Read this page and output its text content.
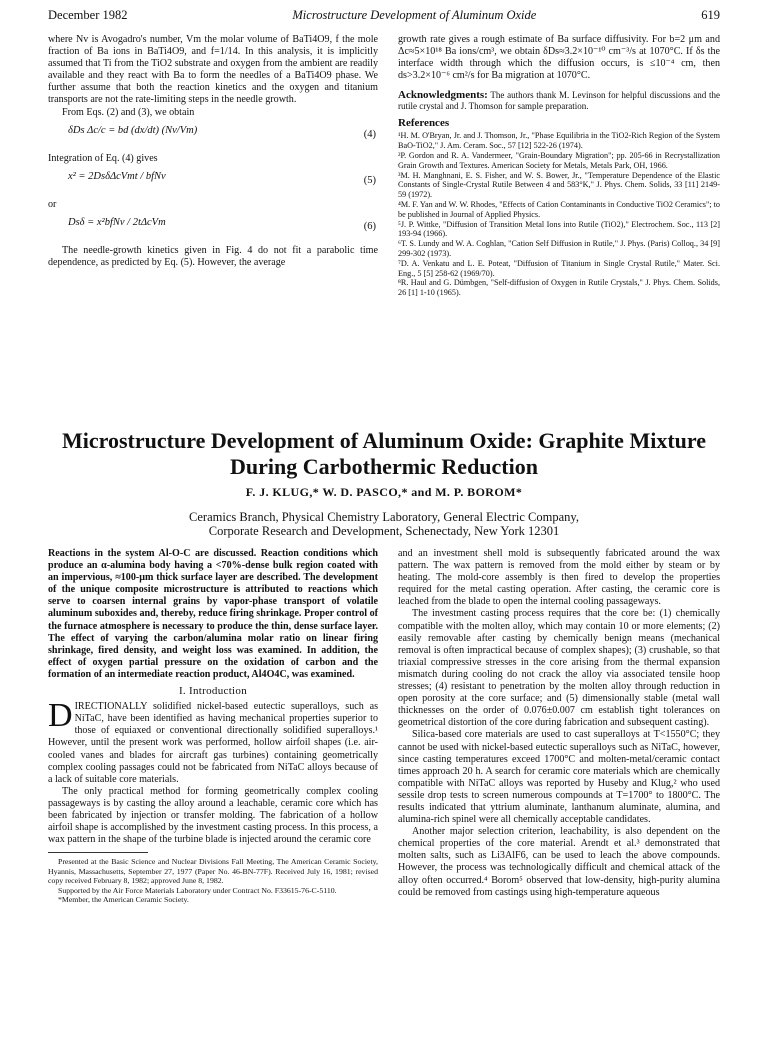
December 1982	Microstructure Development of Aluminum Oxide	619

where Nv is Avogadro's number, Vm the molar volume of BaTi4O9, f the mole fraction of Ba ions in BaTi4O9, and f=1/14. In this analysis, it is implicitly assumed that Ti from the TiO2 substrate and oxygen from the ambient are readily available and they react with Ba to form the needles of a BaTi4O9 phase. We further assume that both the reaction kinetics and the oxygen and titanium transports are not the rate-limiting steps in the needle growth.

From Eqs. (2) and (3), we obtain

δDs Δc/c = bd (dx/dt) (Nv/Vm)	(4)

Integration of Eq. (4) gives

x² = 2DsδΔcVmt / bfNv	(5)

or

Dsδ = x²bfNv / 2tΔcVm	(6)

The needle-growth kinetics given in Fig. 4 do not fit a parabolic time dependence, as predicted by Eq. (5). However, the average

growth rate gives a rough estimate of Ba surface diffusivity. For b=2 μm and Δc≈5×10¹⁸ Ba ions/cm³, we obtain δDs≈3.2×10⁻¹⁰ cm⁻³/s at 1070°C. If δs the interface width through which the diffusion occurs, is ≤10⁻⁴ cm, then ds>3.2×10⁻⁶ cm²/s for Ba migration at 1070°C.

Acknowledgments: The authors thank M. Levinson for helpful discussions and the rutile crystal and J. Thomson for sample preparation.
References
¹H. M. O'Bryan, Jr. and J. Thomson, Jr., "Phase Equilibria in the TiO2-Rich Region of the System BaO-TiO2," J. Am. Ceram. Soc., 57 [12] 522-26 (1974).
²P. Gordon and R. A. Vandermeer, "Grain-Boundary Migration"; pp. 205-66 in Recrystallization Grain Growth and Textures. American Society for Metals, Metals Park, OH, 1966.
³M. H. Manghnani, E. S. Fisher, and W. S. Bower, Jr., "Temperature Dependence of the Elastic Constants of Single-Crystal Rutile Between 4 and 583°K," J. Phys. Chem. Solids, 33 [11] 2149-59 (1972).
⁴M. F. Yan and W. W. Rhodes, "Effects of Cation Contaminants in Conductive TiO2 Ceramics"; to be published in Journal of Applied Physics.
⁵J. P. Wittke, "Diffusion of Transition Metal Ions into Rutile (TiO2)," Electrochem. Soc., 113 [2] 193-94 (1966).
⁶T. S. Lundy and W. A. Coghlan, "Cation Self Diffusion in Rutile," J. Phys. (Paris) Colloq., 34 [9] 299-302 (1973).
⁷D. A. Venkatu and L. E. Poteat, "Diffusion of Titanium in Single Crystal Rutile," Mater. Sci. Eng., 5 [5] 258-62 (1969/70).
⁸R. Haul and G. Dümbgen, "Self-diffusion of Oxygen in Rutile Crystals," J. Phys. Chem. Solids, 26 [1] 1-10 (1965).
Microstructure Development of Aluminum Oxide: Graphite Mixture During Carbothermic Reduction
F. J. KLUG,* W. D. PASCO,* and M. P. BOROM*
Ceramics Branch, Physical Chemistry Laboratory, General Electric Company,
Corporate Research and Development, Schenectady, New York 12301

Reactions in the system Al-O-C are discussed. Reaction conditions which produce an α-alumina body having a <70%-dense bulk region coated with an impervious, ≈100-μm thick surface layer are described. The development of the unique composite microstructure is attributed to reactions which serve to coarsen internal grains by vapor-phase transport of volatile aluminum suboxides and, thereby, reduce firing shrinkage. Proper control of the furnace atmosphere is necessary to produce the thin, dense surface layer. The effect of varying the carbon/alumina molar ratio on linear firing shrinkage, fired density, and weight loss was examined. In addition, the effect of oxygen partial pressure on the oxidation of carbon and the formation of an intermediate reaction product, Al4O4C, was examined.

I. Introduction

D IRECTIONALLY solidified nickel-based eutectic superalloys, such as NiTaC, have been identified as having mechanical properties superior to those of equiaxed or conventional directionally solidified superalloys.¹ However, until the present work was performed, hollow airfoil shapes (i.e. air-cooled vanes and blades for aircraft gas turbines) containing geometrically complex cooling passages could not be fabricated from NiTaC alloys because of a lack of suitable core materials.

The only practical method for forming geometrically complex cooling passageways is by casting the alloy around a leachable, ceramic core which has been fabricated by injection or transfer molding. The fabrication of a hollow airfoil shape is accomplished by the investment casting process. In this process, a wax pattern in the shape of the turbine blade is injected around the ceramic core

Presented at the Basic Science and Nuclear Divisions Fall Meeting, The American Ceramic Society, Hyannis, Massachusetts, September 27, 1977 (Paper No. 46-BN-77F). Received July 16, 1981; revised copy received February 8, 1982; approved June 8, 1982.

Supported by the Air Force Materials Laboratory under Contract No. F33615-76-C-5110.

*Member, the American Ceramic Society.

and an investment shell mold is subsequently fabricated around the wax pattern. The wax pattern is removed from the mold either by steam or by heating. The mold-core assembly is then fired to develop the properties required for the metal casting operation. After casting, the ceramic core is leached from the blade to open the internal cooling passageways.

The investment casting process requires that the core be: (1) chemically compatible with the molten alloy, which may contain 10 or more elements; (2) easily removable after casting by chemically benign means (mechanical removal is often impractical because of complex shapes); (3) crushable, so that triaxial compressive stresses in the core arising from the thermal expansion mismatch during cooling do not crack the alloy via associated tensile hoop stresses; (4) resistant to penetration by the molten alloy through reduction in open porosity at the core surface; and (5) dimensionally stable (metal wall thicknesses on the order of 0.076±0.007 cm establish tight tolerances on geometrical distortion of the core during fabrication and subsequent casting).

Silica-based core materials are used to cast superalloys at T<1550°C; they cannot be used with nickel-based eutectic superalloys such as NiTaC, however, since casting temperatures exceed 1700°C and molten-metal/ceramic contact times approach 20 h. A search for ceramic core materials which are chemically compatible with NiTaC alloys was reported by Huseby and Klug,² who used sessile drop tests to screen numerous compounds at T=1700° to 1800°C. The results indicated that yttrium aluminate, lanthanum aluminate, alumina, and alumina-rich spinel were all chemically acceptable candidates.

Another major selection criterion, leachability, is also dependent on the chemical properties of the core material. Arendt et al.³ demonstrated that molten salts, such as Li3AlF6, can be used to leach the above compounds. However, the process was technologically difficult and chemical attack of the alloy often occurred.⁴ Borom⁵ observed that low-density, high-purity alumina could be removed from castings using high-temperature aqueous
